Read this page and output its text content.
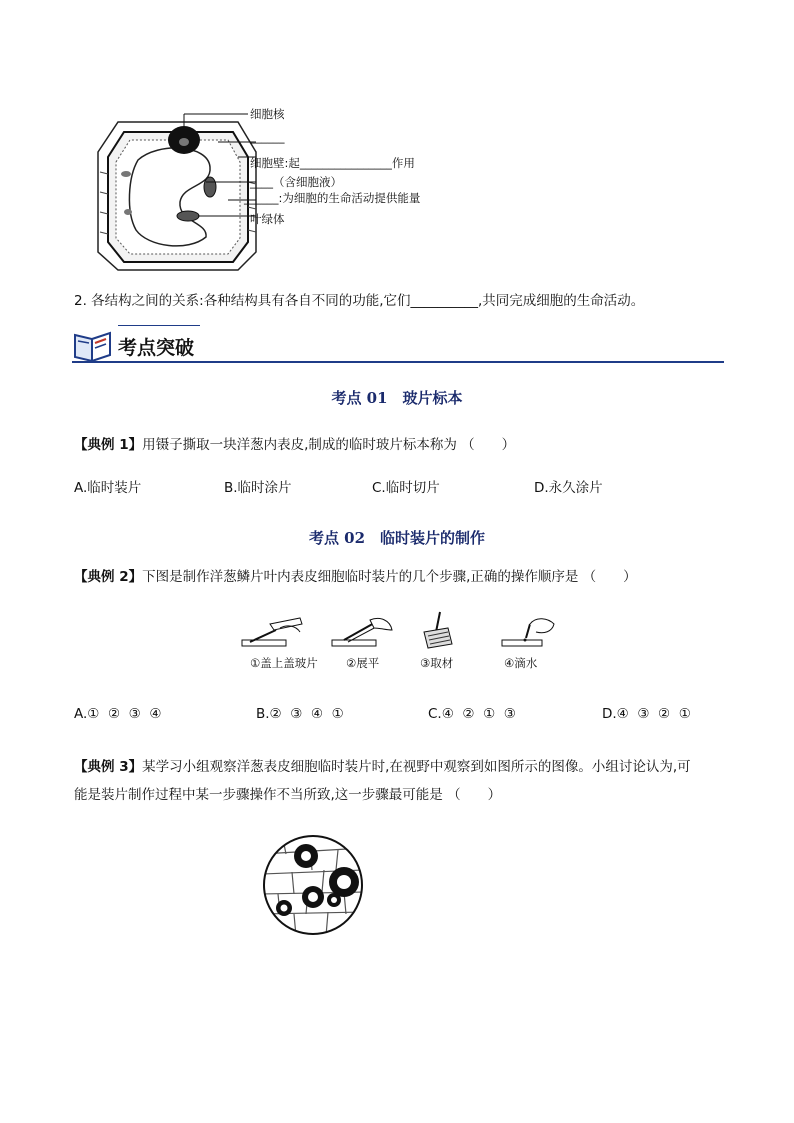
细胞核
______
细胞壁:起________________作用
____（含细胞液）
______:为细胞的生命活动提供能量
叶绿体
2. 各结构之间的关系:各种结构具有各自不同的功能,它们__________,共同完成细胞的生命活动。
考点突破
考点 01　玻片标本
【典例 1】用镊子撕取一块洋葱内表皮,制成的临时玻片标本称为 （　　）
A.临时装片	B.临时涂片	C.临时切片	D.永久涂片
考点 02　临时装片的制作
【典例 2】下图是制作洋葱鳞片叶内表皮细胞临时装片的几个步骤,正确的操作顺序是 （　　）
①盖上盖玻片 ②展平	③取材	④滴水
A.①  ②  ③  ④	B.②  ③  ④  ①	C.④  ②  ①  ③	D.④  ③  ②  ①
【典例 3】某学习小组观察洋葱表皮细胞临时装片时,在视野中观察到如图所示的图像。小组讨论认为,可
能是装片制作过程中某一步骤操作不当所致,这一步骤最可能是 （　　）
